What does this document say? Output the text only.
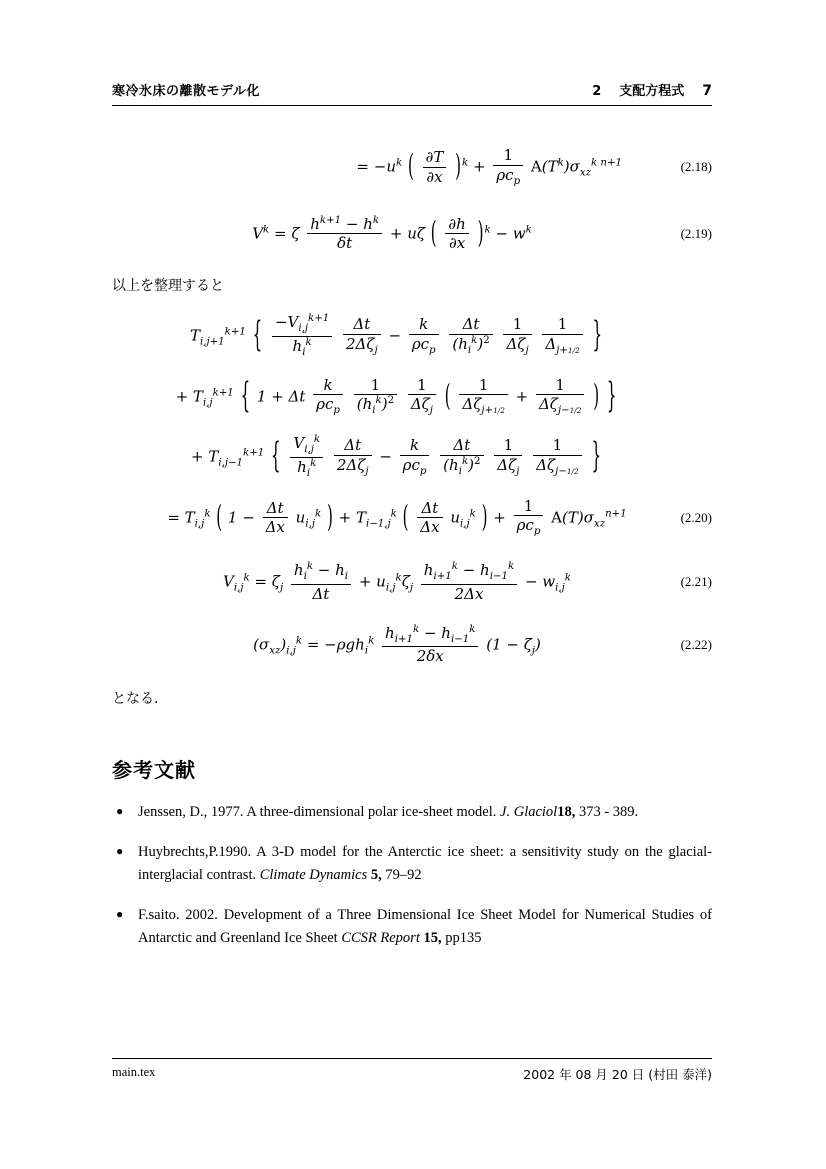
寒冷氷床の離散モデル化	2 支配方程式 7
= $-u^k$ ( $\frac{\partial T}{\partial x} )^k + \frac{1}{\rho c_p} A(T^k)\sigma_{xz}^{k n+1}$	(2.18)
$V^k = \zeta \frac{h^{k+1} - h^k}{\delta t} + u\zeta$ ( $\frac{\partial h}{\partial x} )^k - w^k$	(2.19)
以上を整理すると
$T_{i,j+1}^{k+1}$ { $\frac{-V_{i,j}^{k+1}}{h_i^k}$
$\frac{\Delta t}{2\Delta\zeta_j} - \frac{k}{\rho c_p}$
$\frac{\Delta t}{(h_i^k)^2}$
$\frac{1}{\Delta\zeta_j}$
$\frac{1}{\Delta_{j+1/2}}$ }
+ $T_{i,j}^{k+1}$ { 1 + Δt $\frac{k}{\rho c_p}$
$\frac{1}{(h_i^k)^2}$
$\frac{1}{\Delta\zeta_j}$ ( $\frac{1}{\Delta\zeta_{j+1/2}} + \frac{1}{\Delta\zeta_{j-1/2}}$ ) }
+ $T_{i,j-1}^{k+1}$ { $\frac{V_{i,j}^k}{h_i^k}$
$\frac{\Delta t}{2\Delta\zeta_j} - \frac{k}{\rho c_p}$
$\frac{\Delta t}{(h_i^k)^2}$
$\frac{1}{\Delta\zeta_j}$
$\frac{1}{\Delta\zeta_{j-1/2}}$ }
= $T_{i,j}^k$ ( $1 - \frac{\Delta t}{\Delta x} u_{i,j}^k$ ) + $T_{i-1,j}^k$ ( $\frac{\Delta t}{\Delta x} u_{i,j}^k$ ) + $\frac{1}{\rho c_p} A(T)\sigma_{xz}^{n+1}$	(2.20)
$V_{i,j}^k = \zeta_j \frac{h_i^k - h_i}{\Delta t} + u_{i,j}^k\zeta_j \frac{h_{i+1}^k - h_{i-1}^k}{2\Delta x} - w_{i,j}^k$	(2.21)
$(\sigma_{xz})_{i,j}^k = -\rho gh_i^k \frac{h_{i+1}^k - h_{i-1}^k}{2\delta x} (1 - \zeta_j)$	(2.22)
となる.
参考文献
● Jenssen, D., 1977. A three-dimensional polar ice-sheet model. J. Glaciol18, 373 - 389.
● Huybrechts,P.1990. A 3-D model for the Anterctic ice sheet: a sensitivity study on the glacial-interglacial contrast. Climate Dynamics 5, 79–92
● F.saito. 2002. Development of a Three Dimensional Ice Sheet Model for Numerical Studies of Antarctic and Greenland Ice Sheet CCSR Report 15, pp135
main.tex	2002 年 08 月 20 日 (村田 泰洋)
